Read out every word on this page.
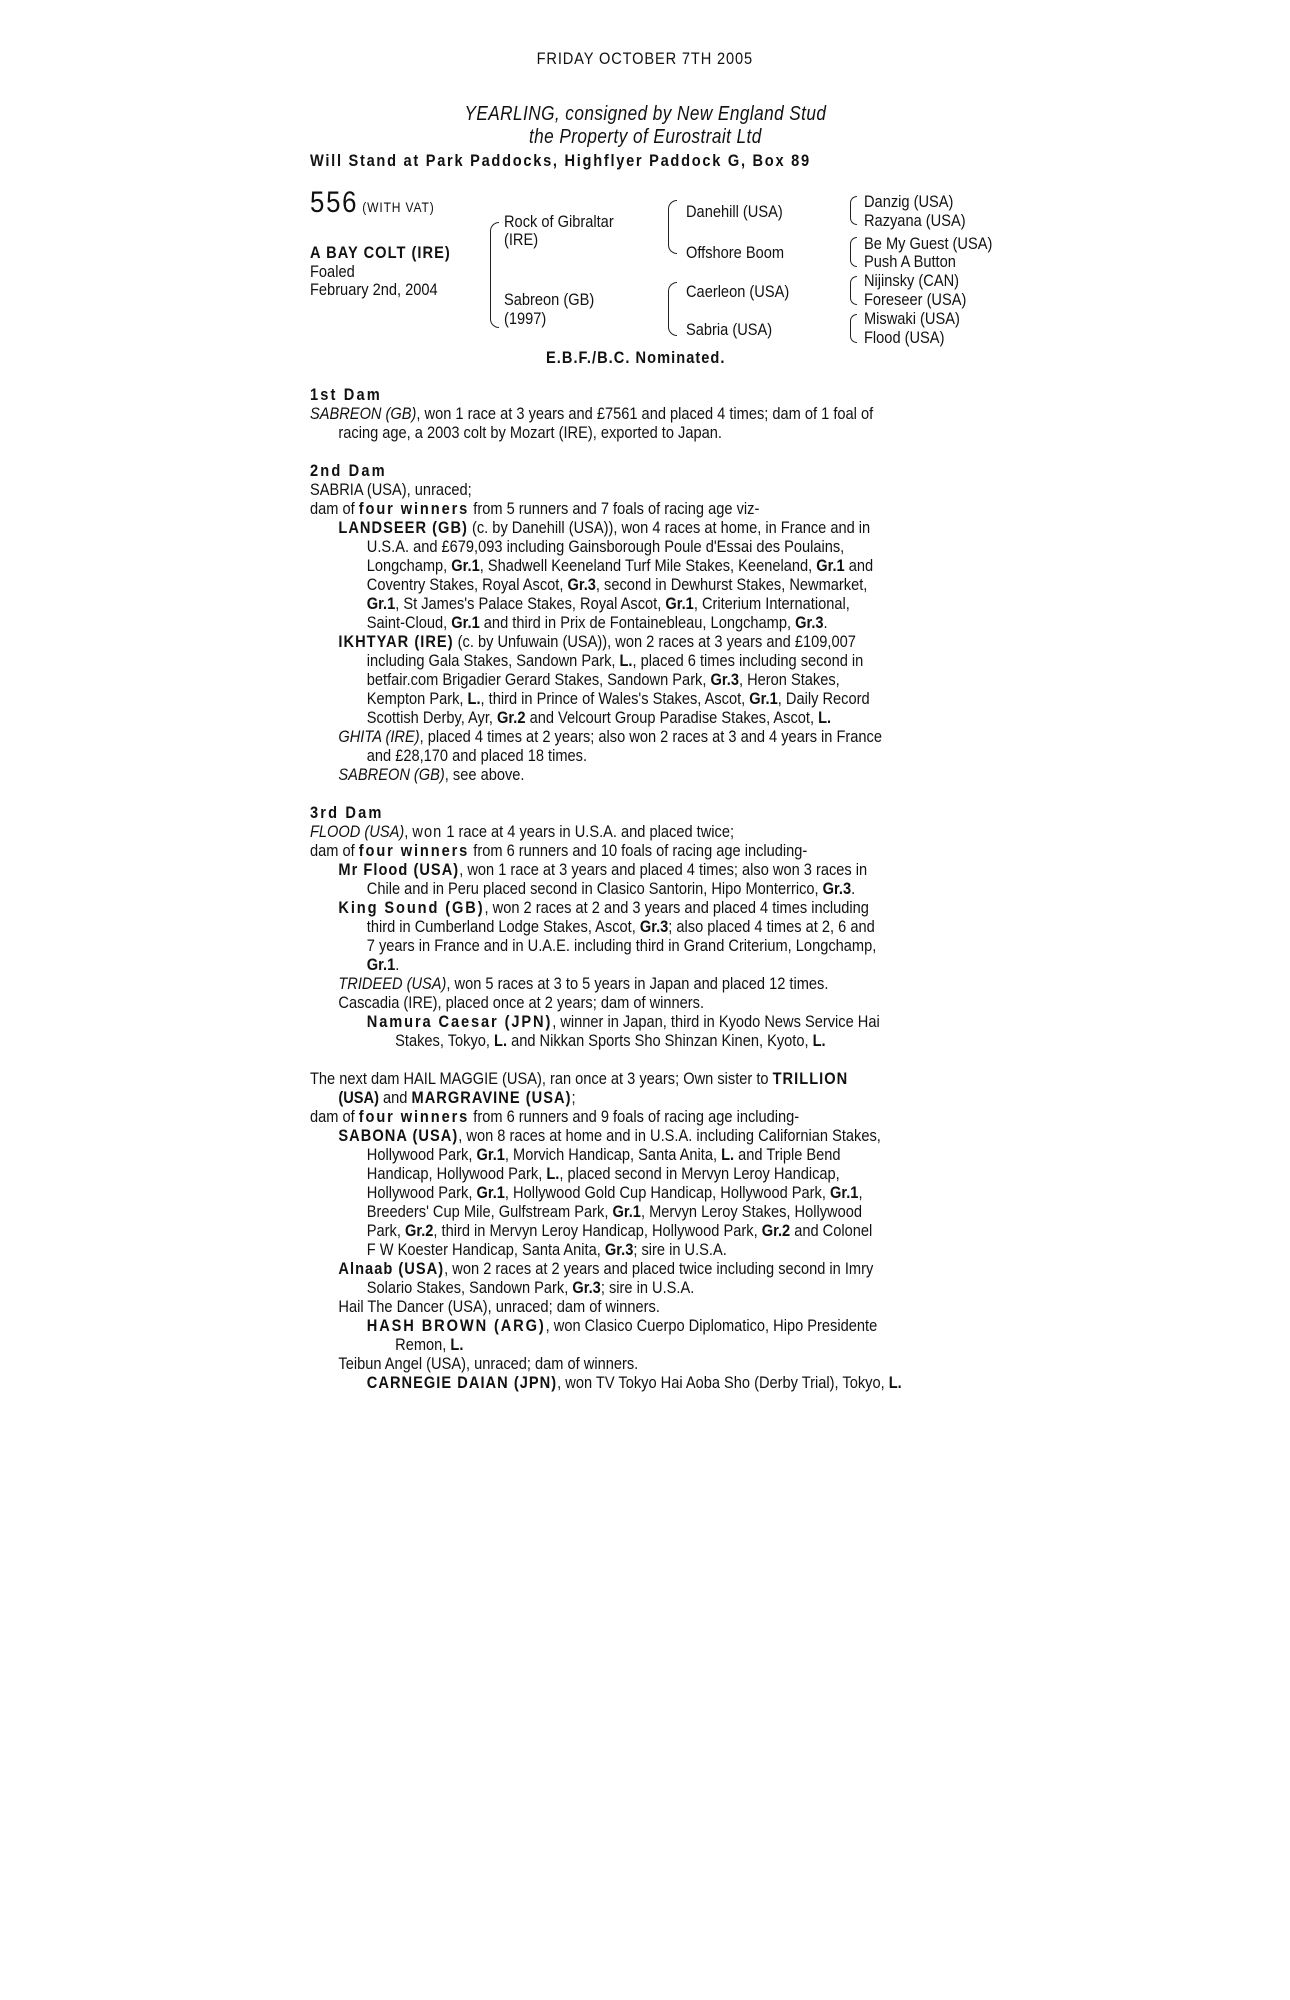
FRIDAY OCTOBER 7TH 2005
YEARLING, consigned by New England Stud
the Property of Eurostrait Ltd
Will Stand at Park Paddocks, Highflyer Paddock G, Box 89
556 (WITH VAT)
A BAY COLT (IRE)
Foaled
February 2nd, 2004
Rock of Gibraltar
(IRE)
Sabreon (GB)
(1997)
Danehill (USA)
Offshore Boom
Caerleon (USA)
Sabria (USA)
Danzig (USA)
Razyana (USA)
Be My Guest (USA)
Push A Button
Nijinsky (CAN)
Foreseer (USA)
Miswaki (USA)
Flood (USA)
E.B.F./B.C. Nominated.
1st Dam
SABREON (GB), won 1 race at 3 years and £7561 and placed 4 times; dam of 1 foal of
racing age, a 2003 colt by Mozart (IRE), exported to Japan.
2nd Dam
SABRIA (USA), unraced;
dam of four winners from 5 runners and 7 foals of racing age viz-
LANDSEER (GB) (c. by Danehill (USA)), won 4 races at home, in France and in
U.S.A. and £679,093 including Gainsborough Poule d'Essai des Poulains,
Longchamp, Gr.1, Shadwell Keeneland Turf Mile Stakes, Keeneland, Gr.1 and
Coventry Stakes, Royal Ascot, Gr.3, second in Dewhurst Stakes, Newmarket,
Gr.1, St James's Palace Stakes, Royal Ascot, Gr.1, Criterium International,
Saint-Cloud, Gr.1 and third in Prix de Fontainebleau, Longchamp, Gr.3.
IKHTYAR (IRE) (c. by Unfuwain (USA)), won 2 races at 3 years and £109,007
including Gala Stakes, Sandown Park, L., placed 6 times including second in
betfair.com Brigadier Gerard Stakes, Sandown Park, Gr.3, Heron Stakes,
Kempton Park, L., third in Prince of Wales's Stakes, Ascot, Gr.1, Daily Record
Scottish Derby, Ayr, Gr.2 and Velcourt Group Paradise Stakes, Ascot, L.
GHITA (IRE), placed 4 times at 2 years; also won 2 races at 3 and 4 years in France
and £28,170 and placed 18 times.
SABREON (GB), see above.
3rd Dam
FLOOD (USA), won 1 race at 4 years in U.S.A. and placed twice;
dam of four winners from 6 runners and 10 foals of racing age including-
Mr Flood (USA), won 1 race at 3 years and placed 4 times; also won 3 races in
Chile and in Peru placed second in Clasico Santorin, Hipo Monterrico, Gr.3.
King Sound (GB), won 2 races at 2 and 3 years and placed 4 times including
third in Cumberland Lodge Stakes, Ascot, Gr.3; also placed 4 times at 2, 6 and
7 years in France and in U.A.E. including third in Grand Criterium, Longchamp,
Gr.1.
TRIDEED (USA), won 5 races at 3 to 5 years in Japan and placed 12 times.
Cascadia (IRE), placed once at 2 years; dam of winners.
Namura Caesar (JPN), winner in Japan, third in Kyodo News Service Hai
Stakes, Tokyo, L. and Nikkan Sports Sho Shinzan Kinen, Kyoto, L.
The next dam HAIL MAGGIE (USA), ran once at 3 years; Own sister to TRILLION
(USA) and MARGRAVINE (USA);
dam of four winners from 6 runners and 9 foals of racing age including-
SABONA (USA), won 8 races at home and in U.S.A. including Californian Stakes,
Hollywood Park, Gr.1, Morvich Handicap, Santa Anita, L. and Triple Bend
Handicap, Hollywood Park, L., placed second in Mervyn Leroy Handicap,
Hollywood Park, Gr.1, Hollywood Gold Cup Handicap, Hollywood Park, Gr.1,
Breeders' Cup Mile, Gulfstream Park, Gr.1, Mervyn Leroy Stakes, Hollywood
Park, Gr.2, third in Mervyn Leroy Handicap, Hollywood Park, Gr.2 and Colonel
F W Koester Handicap, Santa Anita, Gr.3; sire in U.S.A.
Alnaab (USA), won 2 races at 2 years and placed twice including second in Imry
Solario Stakes, Sandown Park, Gr.3; sire in U.S.A.
Hail The Dancer (USA), unraced; dam of winners.
HASH BROWN (ARG), won Clasico Cuerpo Diplomatico, Hipo Presidente
Remon, L.
Teibun Angel (USA), unraced; dam of winners.
CARNEGIE DAIAN (JPN), won TV Tokyo Hai Aoba Sho (Derby Trial), Tokyo, L.
